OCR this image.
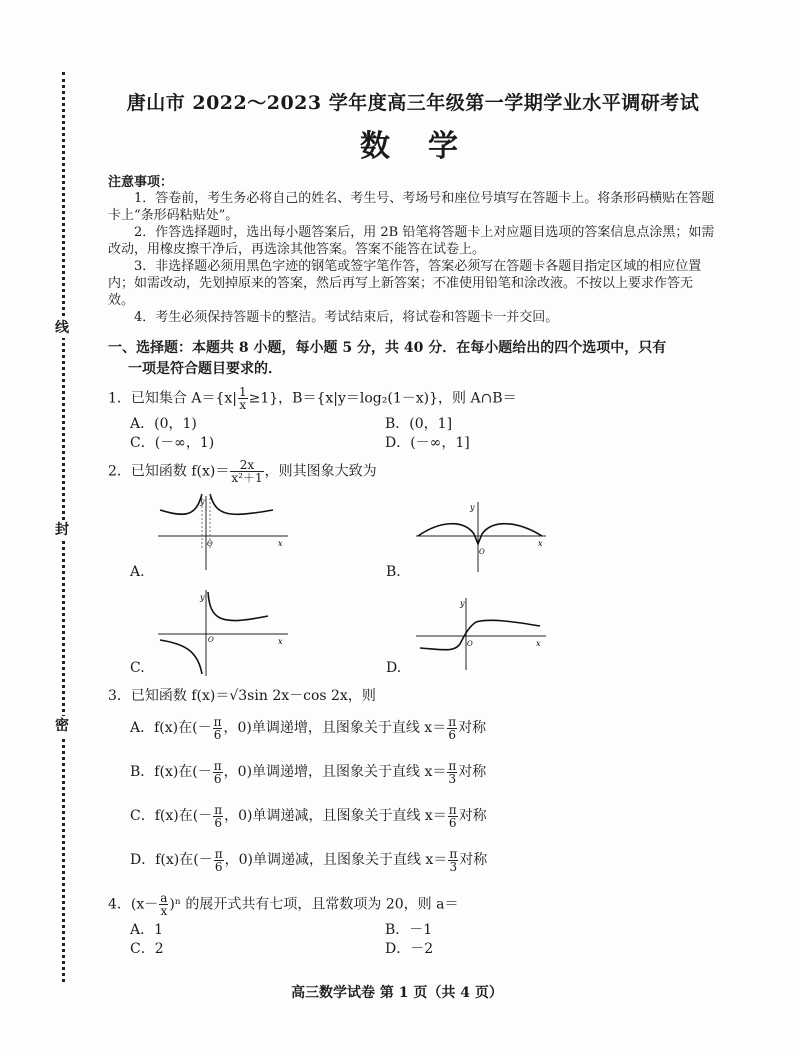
线
封
密
唐山市 2022～2023 学年度高三年级第一学期学业水平调研考试
数学
注意事项：

1．答卷前，考生务必将自己的姓名、考生号、考场号和座位号填写在答题卡上。将条形码横贴在答题卡上“条形码粘贴处”。

2．作答选择题时，选出每小题答案后，用 2B 铅笔将答题卡上对应题目选项的答案信息点涂黑；如需改动，用橡皮擦干净后，再选涂其他答案。答案不能答在试卷上。

3．非选择题必须用黑色字迹的钢笔或签字笔作答，答案必须写在答题卡各题目指定区域的相应位置内；如需改动，先划掉原来的答案，然后再写上新答案；不准使用铅笔和涂改液。不按以上要求作答无效。

4．考生必须保持答题卡的整洁。考试结束后，将试卷和答题卡一并交回。

一、选择题：本题共 8 小题，每小题 5 分，共 40 分．在每小题给出的四个选项中，只有
一项是符合题目要求的．
1．已知集合 $A=\{x| \frac{1}{x} \ge 1\}$，B＝{x|y＝log₂(1－x)}，则 A∩B＝
A．(0，1)	B．(0，1]
C．(－∞，1)	D．(－∞，1]
2．已知函数 $f(x)= \frac{2x}{\text{x²＋1}}$ ，则其图象大致为
y
x
O
A.
y
x
O
B.
y
x
O
C.
y
x
O
D.
3．已知函数 f(x)＝√3sin 2x－cos 2x，则
A．f(x)在(－ $\frac{\pi}{6}$ ，0)单调递增，且图象关于直线 $x= \frac{\pi}{6}$ 对称
B．f(x)在(－ $\frac{\pi}{6}$ ，0)单调递增，且图象关于直线 $x= \frac{\pi}{3}$ 对称
C．f(x)在(－ $\frac{\pi}{6}$ ，0)单调递减，且图象关于直线 $x= \frac{\pi}{6}$ 对称
D．f(x)在(－ $\frac{\pi}{6}$ ，0)单调递减，且图象关于直线 $x= \frac{\pi}{3}$ 对称
4．$(x- \frac{a}{x} )^n$ 的展开式共有七项，且常数项为 20，则 a＝
A．1	B．－1
C．2	D．－2
高三数学试卷 第 1 页（共 4 页）
